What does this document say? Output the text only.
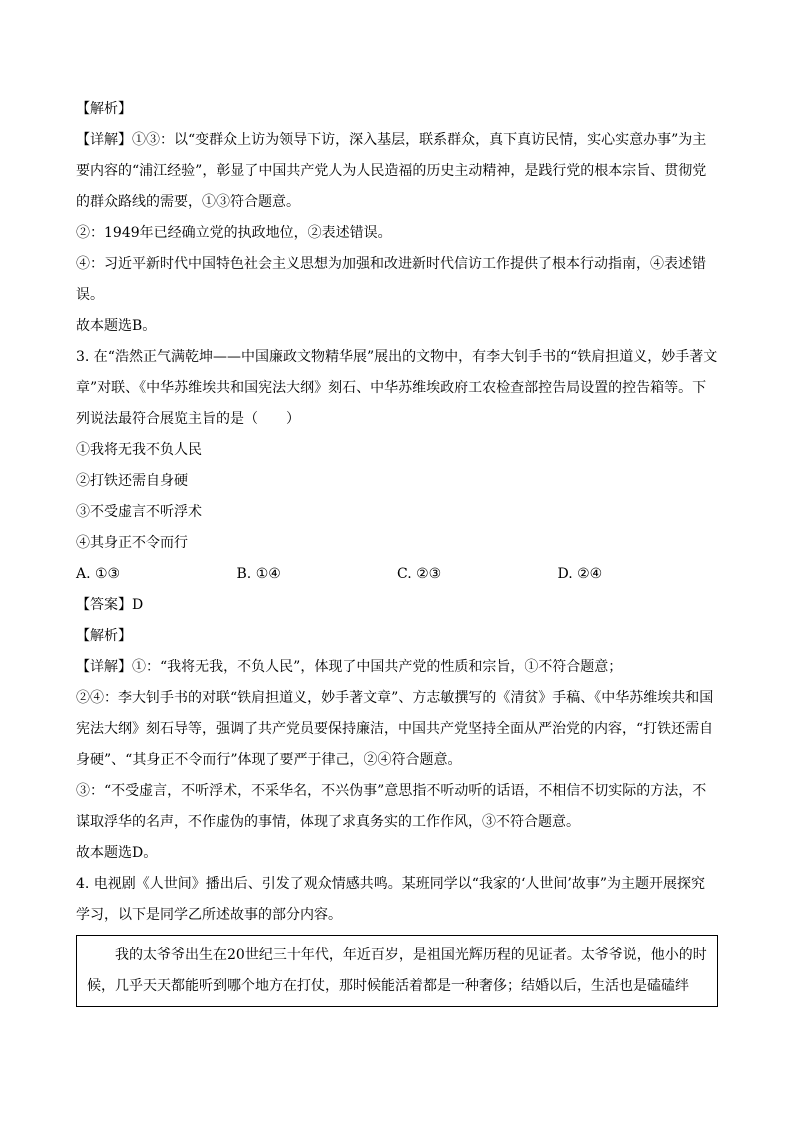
【解析】

【详解】①③：以“变群众上访为领导下访，深入基层，联系群众，真下真访民情，实心实意办事”为主要内容的“浦江经验”，彰显了中国共产党人为人民造福的历史主动精神，是践行党的根本宗旨、贯彻党的群众路线的需要，①③符合题意。

②：1949年已经确立党的执政地位，②表述错误。

④：习近平新时代中国特色社会主义思想为加强和改进新时代信访工作提供了根本行动指南，④表述错误。

故本题选B。

3. 在“浩然正气满乾坤——中国廉政文物精华展”展出的文物中，有李大钊手书的“铁肩担道义，妙手著文章”对联、《中华苏维埃共和国宪法大纲》刻石、中华苏维埃政府工农检查部控告局设置的控告箱等。下列说法最符合展览主旨的是（　　）

①我将无我不负人民

②打铁还需自身硬

③不受虚言不听浮术

④其身正不令而行

A. ①③	B. ①④	C. ②③	D. ②④

【答案】D

【解析】

【详解】①：“我将无我，不负人民”，体现了中国共产党的性质和宗旨，①不符合题意；

②④：李大钊手书的对联“铁肩担道义，妙手著文章”、方志敏撰写的《清贫》手稿、《中华苏维埃共和国宪法大纲》刻石导等，强调了共产党员要保持廉洁，中国共产党坚持全面从严治党的内容，“打铁还需自身硬”、“其身正不令而行”体现了要严于律己，②④符合题意。

③：“不受虚言，不听浮术，不采华名，不兴伪事”意思指不听动听的话语，不相信不切实际的方法，不谋取浮华的名声，不作虚伪的事情，体现了求真务实的工作作风，③不符合题意。

故本题选D。

4. 电视剧《人世间》播出后、引发了观众情感共鸣。某班同学以“我家的‘人世间’故事”为主题开展探究学习，以下是同学乙所述故事的部分内容。

我的太爷爷出生在20世纪三十年代，年近百岁，是祖国光辉历程的见证者。太爷爷说，他小的时候，几乎天天都能听到哪个地方在打仗，那时候能活着都是一种奢侈；结婚以后，生活也是磕磕绊
